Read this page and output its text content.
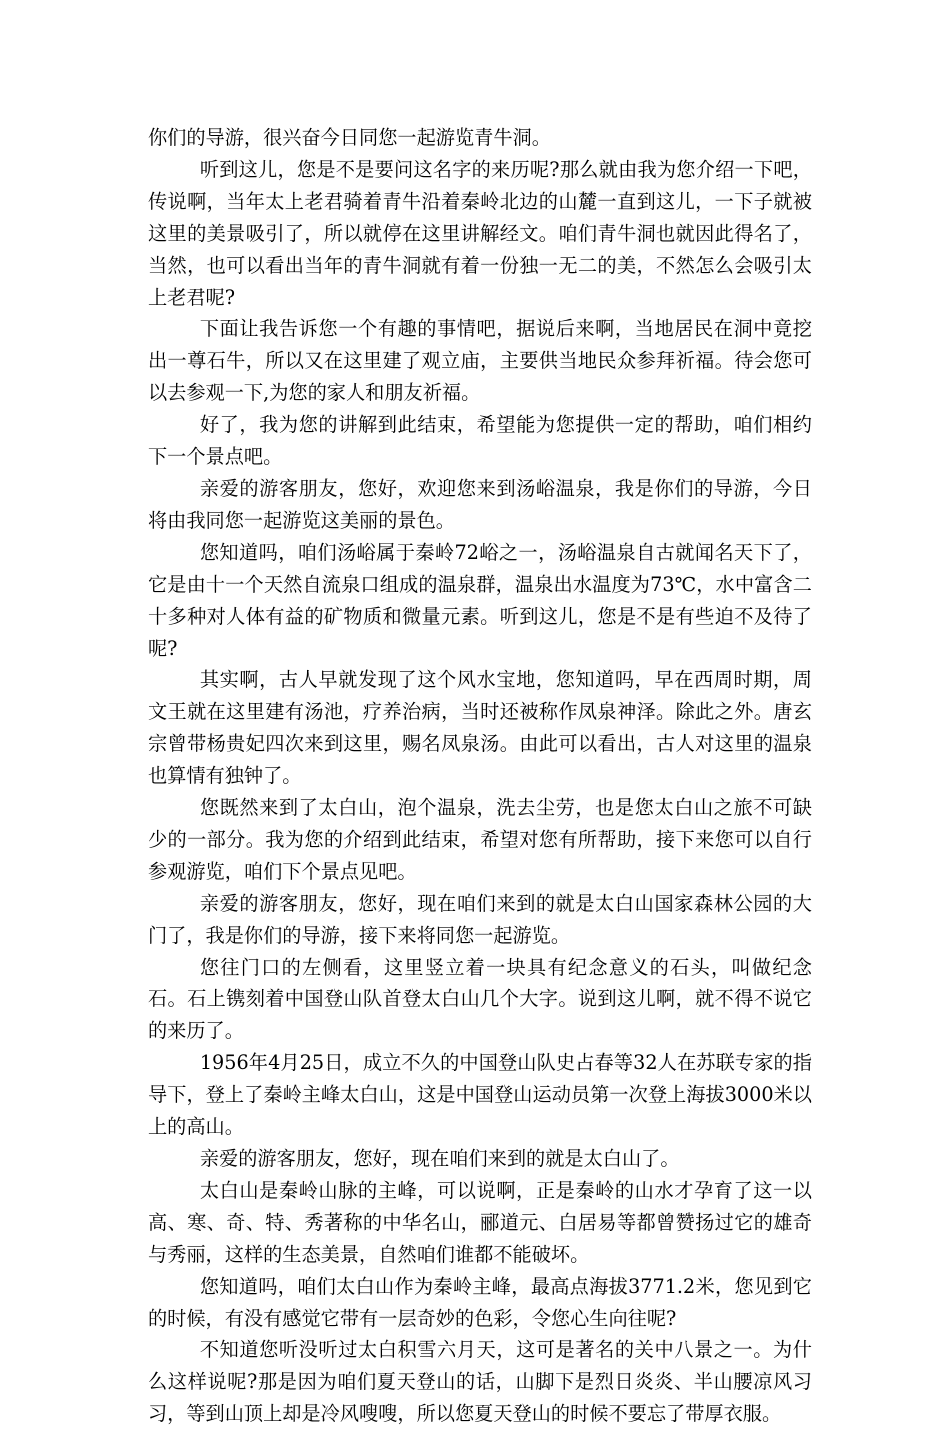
你们的导游，很兴奋今日同您一起游览青牛洞。

听到这儿，您是不是要问这名字的来历呢?那么就由我为您介绍一下吧，传说啊，当年太上老君骑着青牛沿着秦岭北边的山麓一直到这儿，一下子就被这里的美景吸引了，所以就停在这里讲解经文。咱们青牛洞也就因此得名了，当然，也可以看出当年的青牛洞就有着一份独一无二的美，不然怎么会吸引太上老君呢?

下面让我告诉您一个有趣的事情吧，据说后来啊，当地居民在洞中竟挖出一尊石牛，所以又在这里建了观立庙，主要供当地民众参拜祈福。待会您可以去参观一下,为您的家人和朋友祈福。

好了，我为您的讲解到此结束，希望能为您提供一定的帮助，咱们相约下一个景点吧。

亲爱的游客朋友，您好，欢迎您来到汤峪温泉，我是你们的导游，今日将由我同您一起游览这美丽的景色。

您知道吗，咱们汤峪属于秦岭72峪之一，汤峪温泉自古就闻名天下了，它是由十一个天然自流泉口组成的温泉群，温泉出水温度为73℃，水中富含二十多种对人体有益的矿物质和微量元素。听到这儿，您是不是有些迫不及待了呢?

其实啊，古人早就发现了这个风水宝地，您知道吗，早在西周时期，周文王就在这里建有汤池，疗养治病，当时还被称作凤泉神泽。除此之外。唐玄宗曾带杨贵妃四次来到这里，赐名凤泉汤。由此可以看出，古人对这里的温泉也算情有独钟了。

您既然来到了太白山，泡个温泉，洗去尘劳，也是您太白山之旅不可缺少的一部分。我为您的介绍到此结束，希望对您有所帮助，接下来您可以自行参观游览，咱们下个景点见吧。

亲爱的游客朋友，您好，现在咱们来到的就是太白山国家森林公园的大门了，我是你们的导游，接下来将同您一起游览。

您往门口的左侧看，这里竖立着一块具有纪念意义的石头，叫做纪念石。石上镌刻着中国登山队首登太白山几个大字。说到这儿啊，就不得不说它的来历了。

1956年4月25日，成立不久的中国登山队史占春等32人在苏联专家的指导下，登上了秦岭主峰太白山，这是中国登山运动员第一次登上海拔3000米以上的高山。

亲爱的游客朋友，您好，现在咱们来到的就是太白山了。

太白山是秦岭山脉的主峰，可以说啊，正是秦岭的山水才孕育了这一以高、寒、奇、特、秀著称的中华名山，郦道元、白居易等都曾赞扬过它的雄奇与秀丽，这样的生态美景，自然咱们谁都不能破坏。

您知道吗，咱们太白山作为秦岭主峰，最高点海拔3771.2米，您见到它的时候，有没有感觉它带有一层奇妙的色彩，令您心生向往呢?

不知道您听没听过太白积雪六月天，这可是著名的关中八景之一。为什么这样说呢?那是因为咱们夏天登山的话，山脚下是烈日炎炎、半山腰凉风习习，等到山顶上却是冷风嗖嗖，所以您夏天登山的时候不要忘了带厚衣服。
